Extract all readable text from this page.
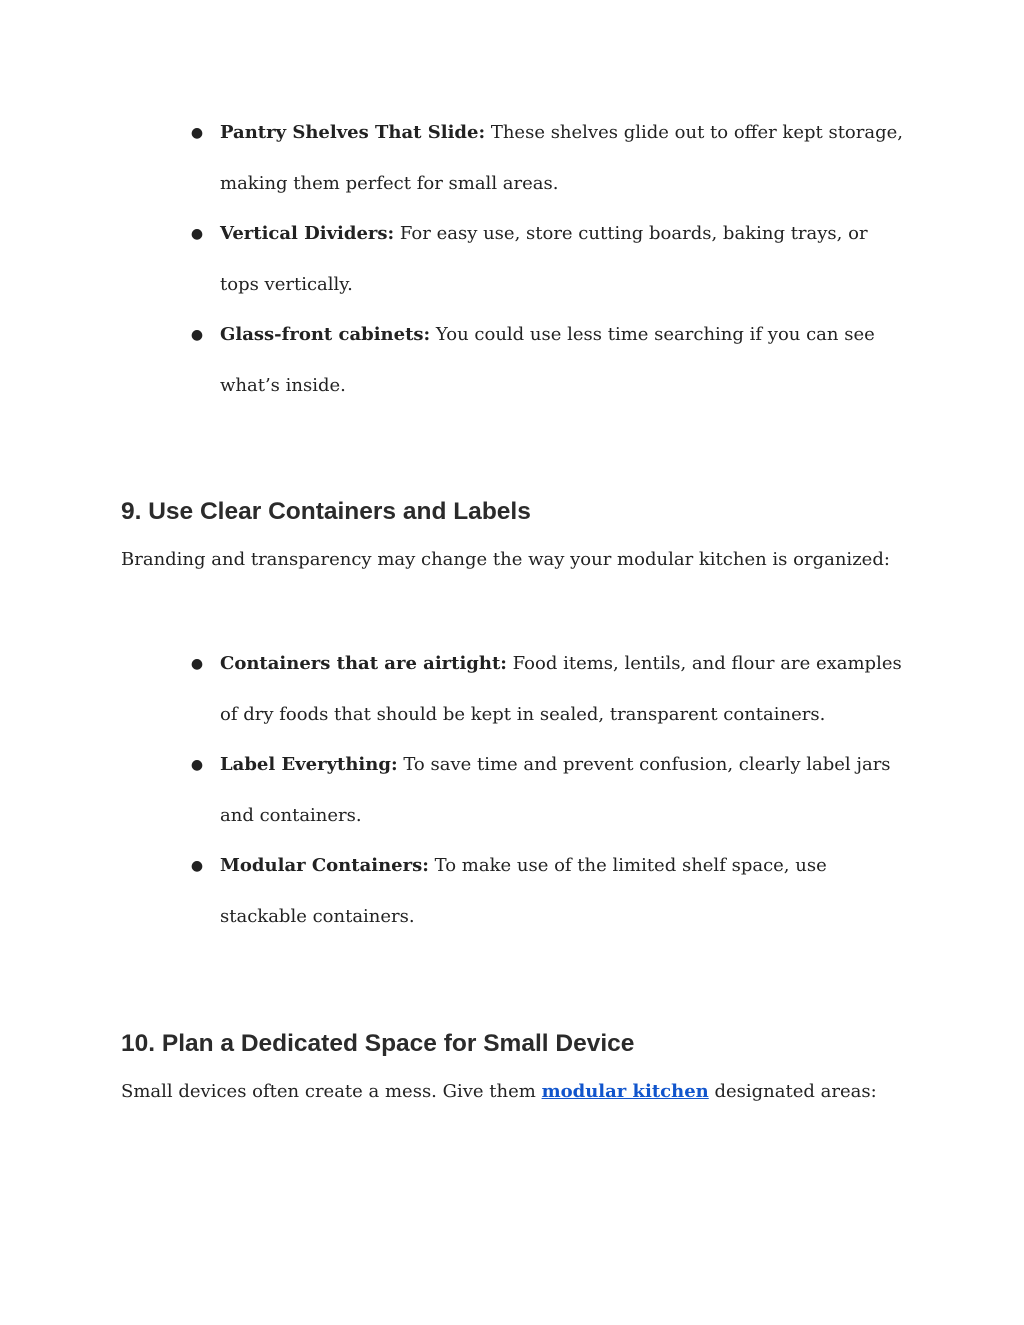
● Pantry Shelves That Slide: These shelves glide out to offer kept storage, making them perfect for small areas.
● Vertical Dividers: For easy use, store cutting boards, baking trays, or tops vertically.
● Glass-front cabinets: You could use less time searching if you can see what’s inside.
9. Use Clear Containers and Labels

Branding and transparency may change the way your modular kitchen is organized:

● Containers that are airtight: Food items, lentils, and flour are examples of dry foods that should be kept in sealed, transparent containers.
● Label Everything: To save time and prevent confusion, clearly label jars and containers.
● Modular Containers: To make use of the limited shelf space, use stackable containers.
10. Plan a Dedicated Space for Small Device

Small devices often create a mess. Give them modular kitchen designated areas:
